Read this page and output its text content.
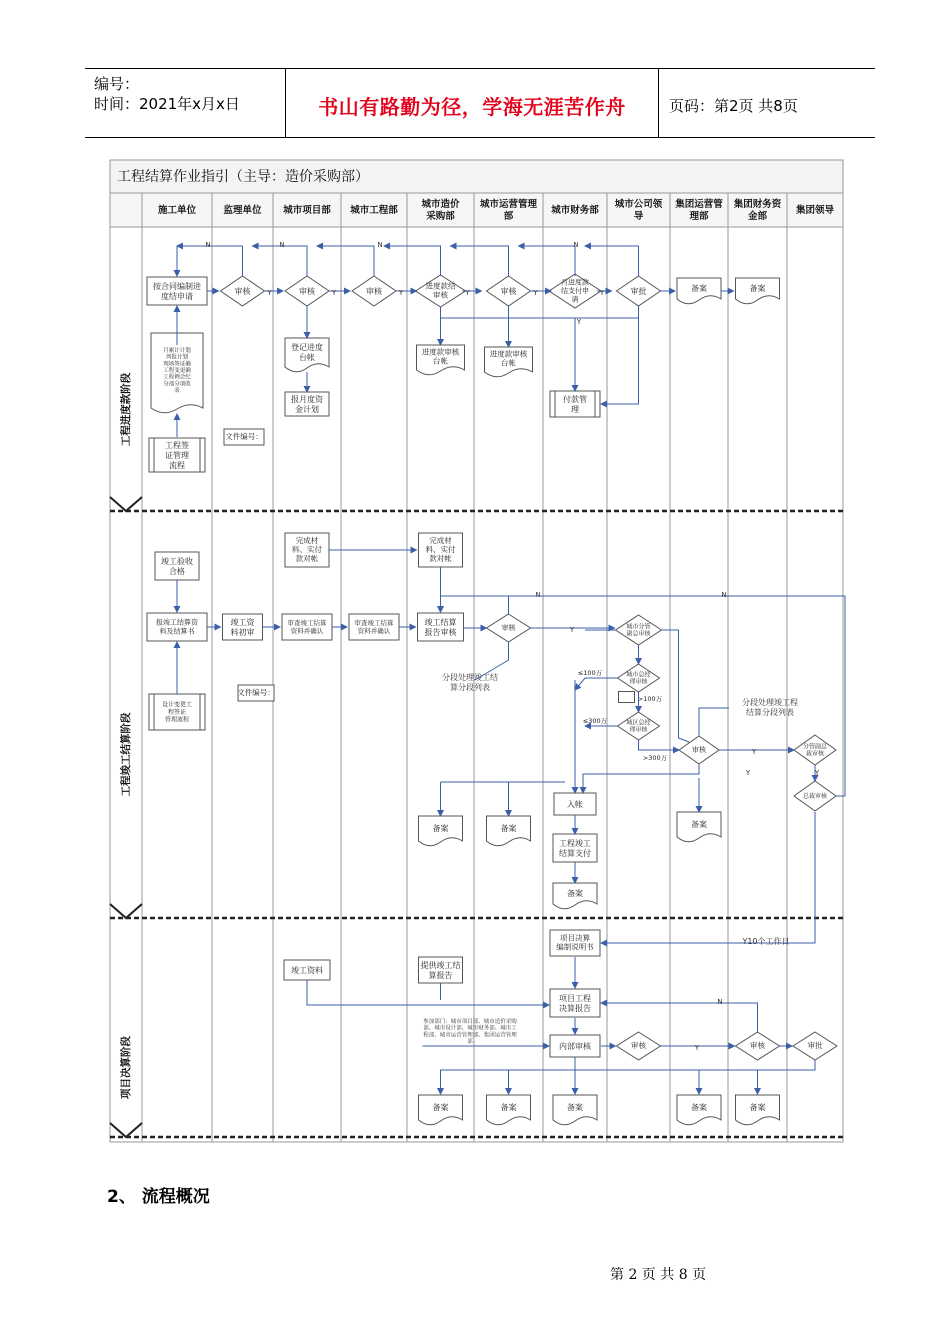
编号：
时间：2021年x月x日	书山有路勤为径，学海无涯苦作舟	页码：第2页 共8页
工程结算作业指引（主导：造价采购部）
施工单位	监理单位 城市项目部 城市工程部
城市造价采购部
城市运营管理部
城市财务部
城市公司领导
集团运营管理部
集团财务资金部
集团领导
工程进度款阶段
工程竣工结算阶段
项目决算阶段
按合同编制进度结申请
月累计计划周报计划现场签证确工程变更确工程例会纪分部分项收表
工程签证管理流程
文件编号：
审核	审核	审核
进度款结审核	审核
月进度款结支付申请
审批	备案	备案
登记进度台帐
进度款审核台帐
进度款审核台帐
报月度资金计划
付款管理
Y	Y	Y	Y	Y	Y
N	N	N	N
Y
竣工验收合格
报竣工结算资料及结算书
竣工资料初审
审查竣工结算资料并确认
审查竣工结算资料并确认
完成材料、实付款对帐
完成材料、实付款对帐
竣工结算报告审核	审核
分段处理竣工结算分段列表
设计变更工程签证管理流程
文件编号：
城市分管副总审核
城市总经理审核
城区总经理审核
≤100万
>100万
≤300万
>300万
分段处理竣工程结算分段列表
审核	分管副总裁审核
总裁审核
入帐
工程竣工结算支付
备案
备案	备案	备案
Y
N	N
Y
Y
Y
项目决算编制说明书
Y10个工作日
竣工资料
提供竣工结算报告
项目工程决算报告
参加部门：城市项目部、城市造价采购部、城市设计部、城市财务部、城市工程部、城市运营管理部、集团运营管理部	内部审核	审核	审核	审批
备案	备案	备案	备案	备案
Y
N
2、 流程概况
第 2 页 共 8 页
